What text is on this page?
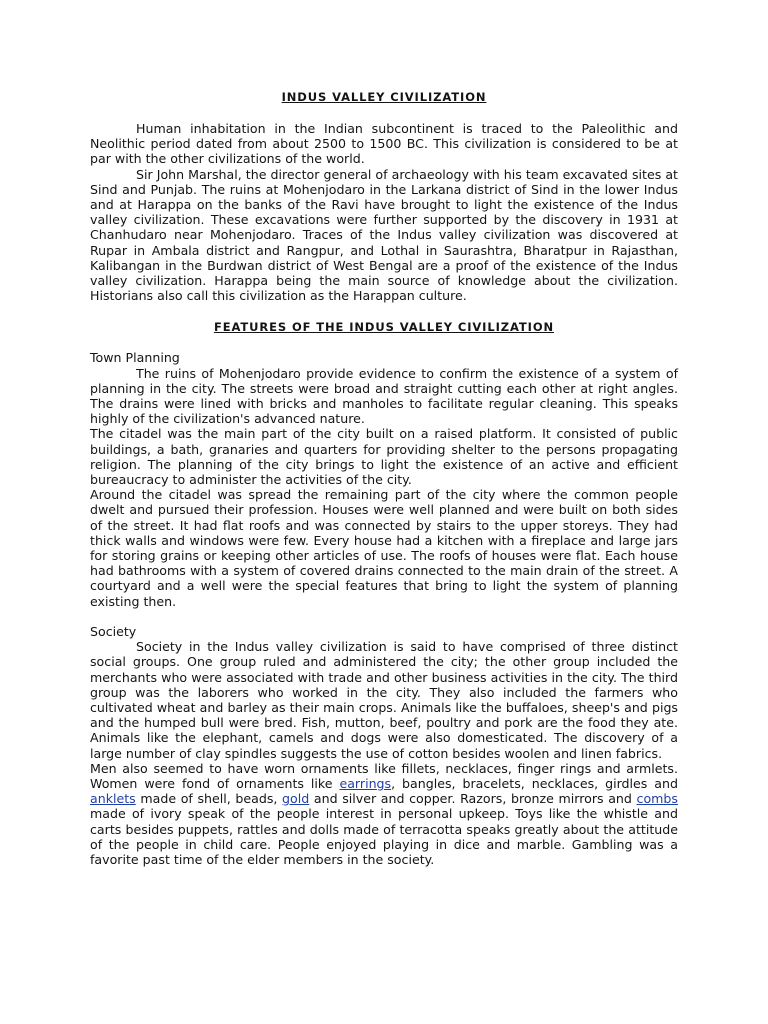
INDUS VALLEY CIVILIZATION

Human inhabitation in the Indian subcontinent is traced to the Paleolithic and Neolithic period dated from about 2500 to 1500 BC. This civilization is considered to be at par with the other civilizations of the world.

Sir John Marshal, the director general of archaeology with his team excavated sites at Sind and Punjab. The ruins at Mohenjodaro in the Larkana district of Sind in the lower Indus and at Harappa on the banks of the Ravi have brought to light the existence of the Indus valley civilization. These excavations were further supported by the discovery in 1931 at Chanhudaro near Mohenjodaro. Traces of the Indus valley civilization was discovered at Rupar in Ambala district and Rangpur, and Lothal in Saurashtra, Bharatpur in Rajasthan, Kalibangan in the Burdwan district of West Bengal are a proof of the existence of the Indus valley civilization. Harappa being the main source of knowledge about the civilization. Historians also call this civilization as the Harappan culture.

FEATURES OF THE INDUS VALLEY CIVILIZATION
Town Planning

The ruins of Mohenjodaro provide evidence to confirm the existence of a system of planning in the city. The streets were broad and straight cutting each other at right angles. The drains were lined with bricks and manholes to facilitate regular cleaning. This speaks highly of the civilization's advanced nature.

The citadel was the main part of the city built on a raised platform. It consisted of public buildings, a bath, granaries and quarters for providing shelter to the persons propagating religion. The planning of the city brings to light the existence of an active and efficient bureaucracy to administer the activities of the city.

Around the citadel was spread the remaining part of the city where the common people dwelt and pursued their profession. Houses were well planned and were built on both sides of the street. It had flat roofs and was connected by stairs to the upper storeys. They had thick walls and windows were few. Every house had a kitchen with a fireplace and large jars for storing grains or keeping other articles of use. The roofs of houses were flat. Each house had bathrooms with a system of covered drains connected to the main drain of the street. A courtyard and a well were the special features that bring to light the system of planning existing then.

Society

Society in the Indus valley civilization is said to have comprised of three distinct social groups. One group ruled and administered the city; the other group included the merchants who were associated with trade and other business activities in the city. The third group was the laborers who worked in the city. They also included the farmers who cultivated wheat and barley as their main crops. Animals like the buffaloes, sheep's and pigs and the humped bull were bred. Fish, mutton, beef, poultry and pork are the food they ate. Animals like the elephant, camels and dogs were also domesticated. The discovery of a large number of clay spindles suggests the use of cotton besides woolen and linen fabrics.

Men also seemed to have worn ornaments like fillets, necklaces, finger rings and armlets. Women were fond of ornaments like earrings, bangles, bracelets, necklaces, girdles and anklets made of shell, beads, gold and silver and copper. Razors, bronze mirrors and combs made of ivory speak of the people interest in personal upkeep. Toys like the whistle and carts besides puppets, rattles and dolls made of terracotta speaks greatly about the attitude of the people in child care. People enjoyed playing in dice and marble. Gambling was a favorite past time of the elder members in the society.
